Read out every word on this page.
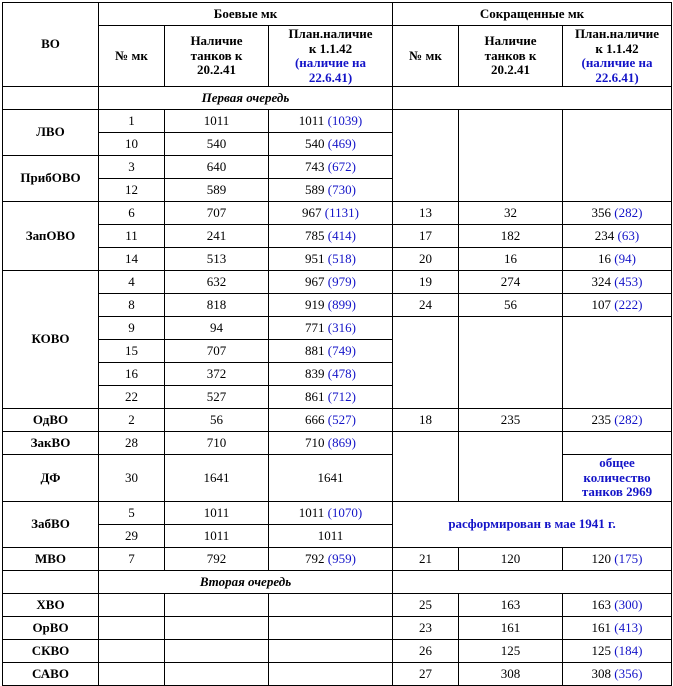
ВО	Боевые мк			Сокращенные мк		
	№ мк	Наличие
танков к
20.2.41	План.наличие
к 1.1.42
(наличие на
22.6.41)	№ мк	Наличие
танков к
20.2.41	План.наличие
к 1.1.42
(наличие на
22.6.41)
	Первая очередь					
ЛВО	1	1011	1011 (1039)			
	10	540	540 (469)			
ПрибОВО	3	640	743 (672)			
	12	589	589 (730)			
ЗапОВО	6	707	967 (1131)	13	32	356 (282)
	11	241	785 (414)	17	182	234 (63)
	14	513	951 (518)	20	16	16 (94)
КОВО	4	632	967 (979)	19	274	324 (453)
	8	818	919 (899)	24	56	107 (222)
	9	94	771 (316)			
	15	707	881 (749)			
	16	372	839 (478)			
	22	527	861 (712)			
ОдВО	2	56	666 (527)	18	235	235 (282)
ЗакВО	28	710	710 (869)			
ДФ	30	1641	1641			общее количество танков 2969
ЗабВО	5	1011	1011 (1070)	расформирован в мае 1941 г.		
	29	1011	1011			
МВО	7	792	792 (959)	21	120	120 (175)
	Вторая очередь					
ХВО				25	163	163 (300)
ОрВО				23	161	161 (413)
СКВО				26	125	125 (184)
САВО				27	308	308 (356)
